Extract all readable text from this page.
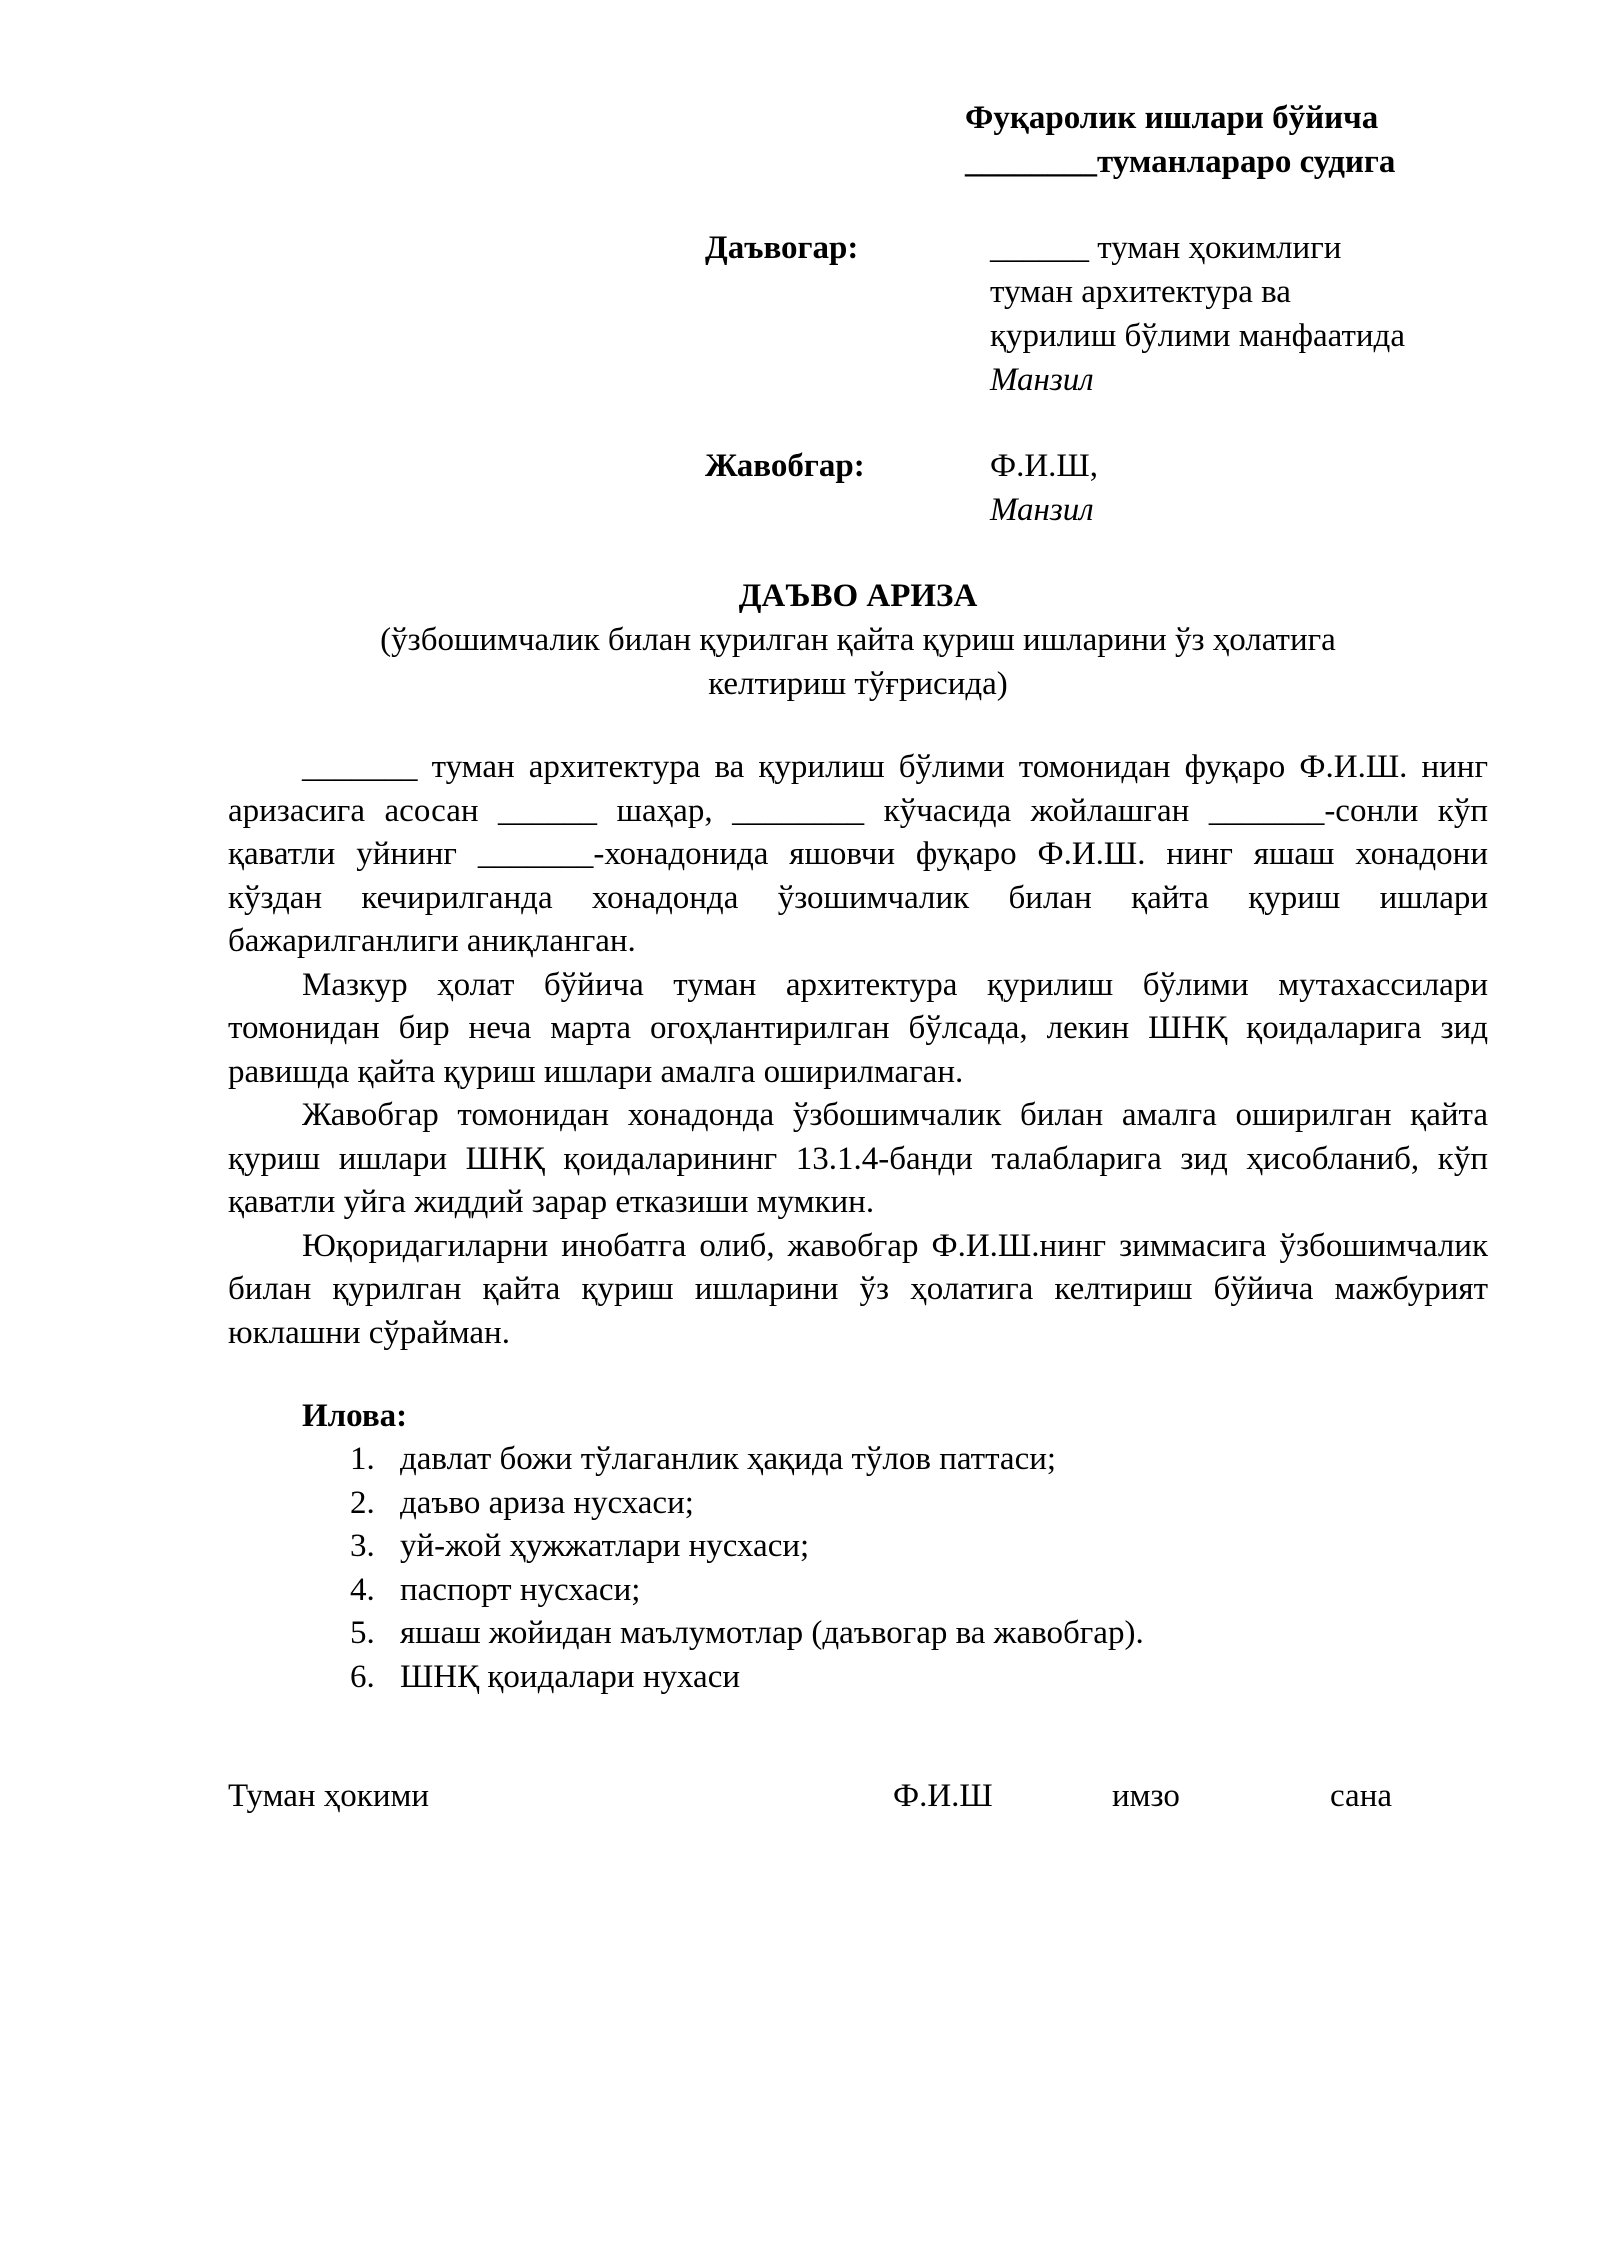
Фуқаролик ишлари бўйича
________туманлараро судига
Даъвогар:	______ туман ҳокимлиги
туман архитектура ва
қурилиш бўлими манфаатида
Манзил
Жавобгар:	Ф.И.Ш,
Манзил
ДАЪВО АРИЗА
(ўзбошимчалик билан қурилган қайта қуриш ишларини ўз ҳолатига
келтириш тўғрисида)

_______ туман архитектура ва қурилиш бўлими томонидан фуқаро Ф.И.Ш. нинг аризасига асосан ______ шаҳар, ________ кўчасида жойлашган _______-сонли кўп қаватли уйнинг _______-хонадонида яшовчи фуқаро Ф.И.Ш. нинг яшаш хонадони кўздан кечирилганда хонадонда ўзошимчалик билан қайта қуриш ишлари бажарилганлиги аниқланган.

Мазкур ҳолат бўйича туман архитектура қурилиш бўлими мутахассилари томонидан бир неча марта огоҳлантирилган бўлсада, лекин ШНҚ қоидаларига зид равишда қайта қуриш ишлари амалга оширилмаган.

Жавобгар томонидан хонадонда ўзбошимчалик билан амалга оширилган қайта қуриш ишлари ШНҚ қоидаларининг 13.1.4-банди талабларига зид ҳисобланиб, кўп қаватли уйга жиддий зарар етказиши мумкин.

Юқоридагиларни инобатга олиб, жавобгар Ф.И.Ш.нинг зиммасига ўзбошимчалик билан қурилган қайта қуриш ишларини ўз ҳолатига келтириш бўйича мажбурият юклашни сўрайман.

Илова:
1. давлат божи тўлаганлик ҳақида тўлов паттаси;
2. даъво ариза нусхаси;
3. уй-жой ҳужжатлари нусхаси;
4. паспорт нусхаси;
5. яшаш жойидан маълумотлар (даъвогар ва жавобгар).
6. ШНҚ қоидалари нухаси
Туман ҳокими	Ф.И.Ш	имзо	сана
